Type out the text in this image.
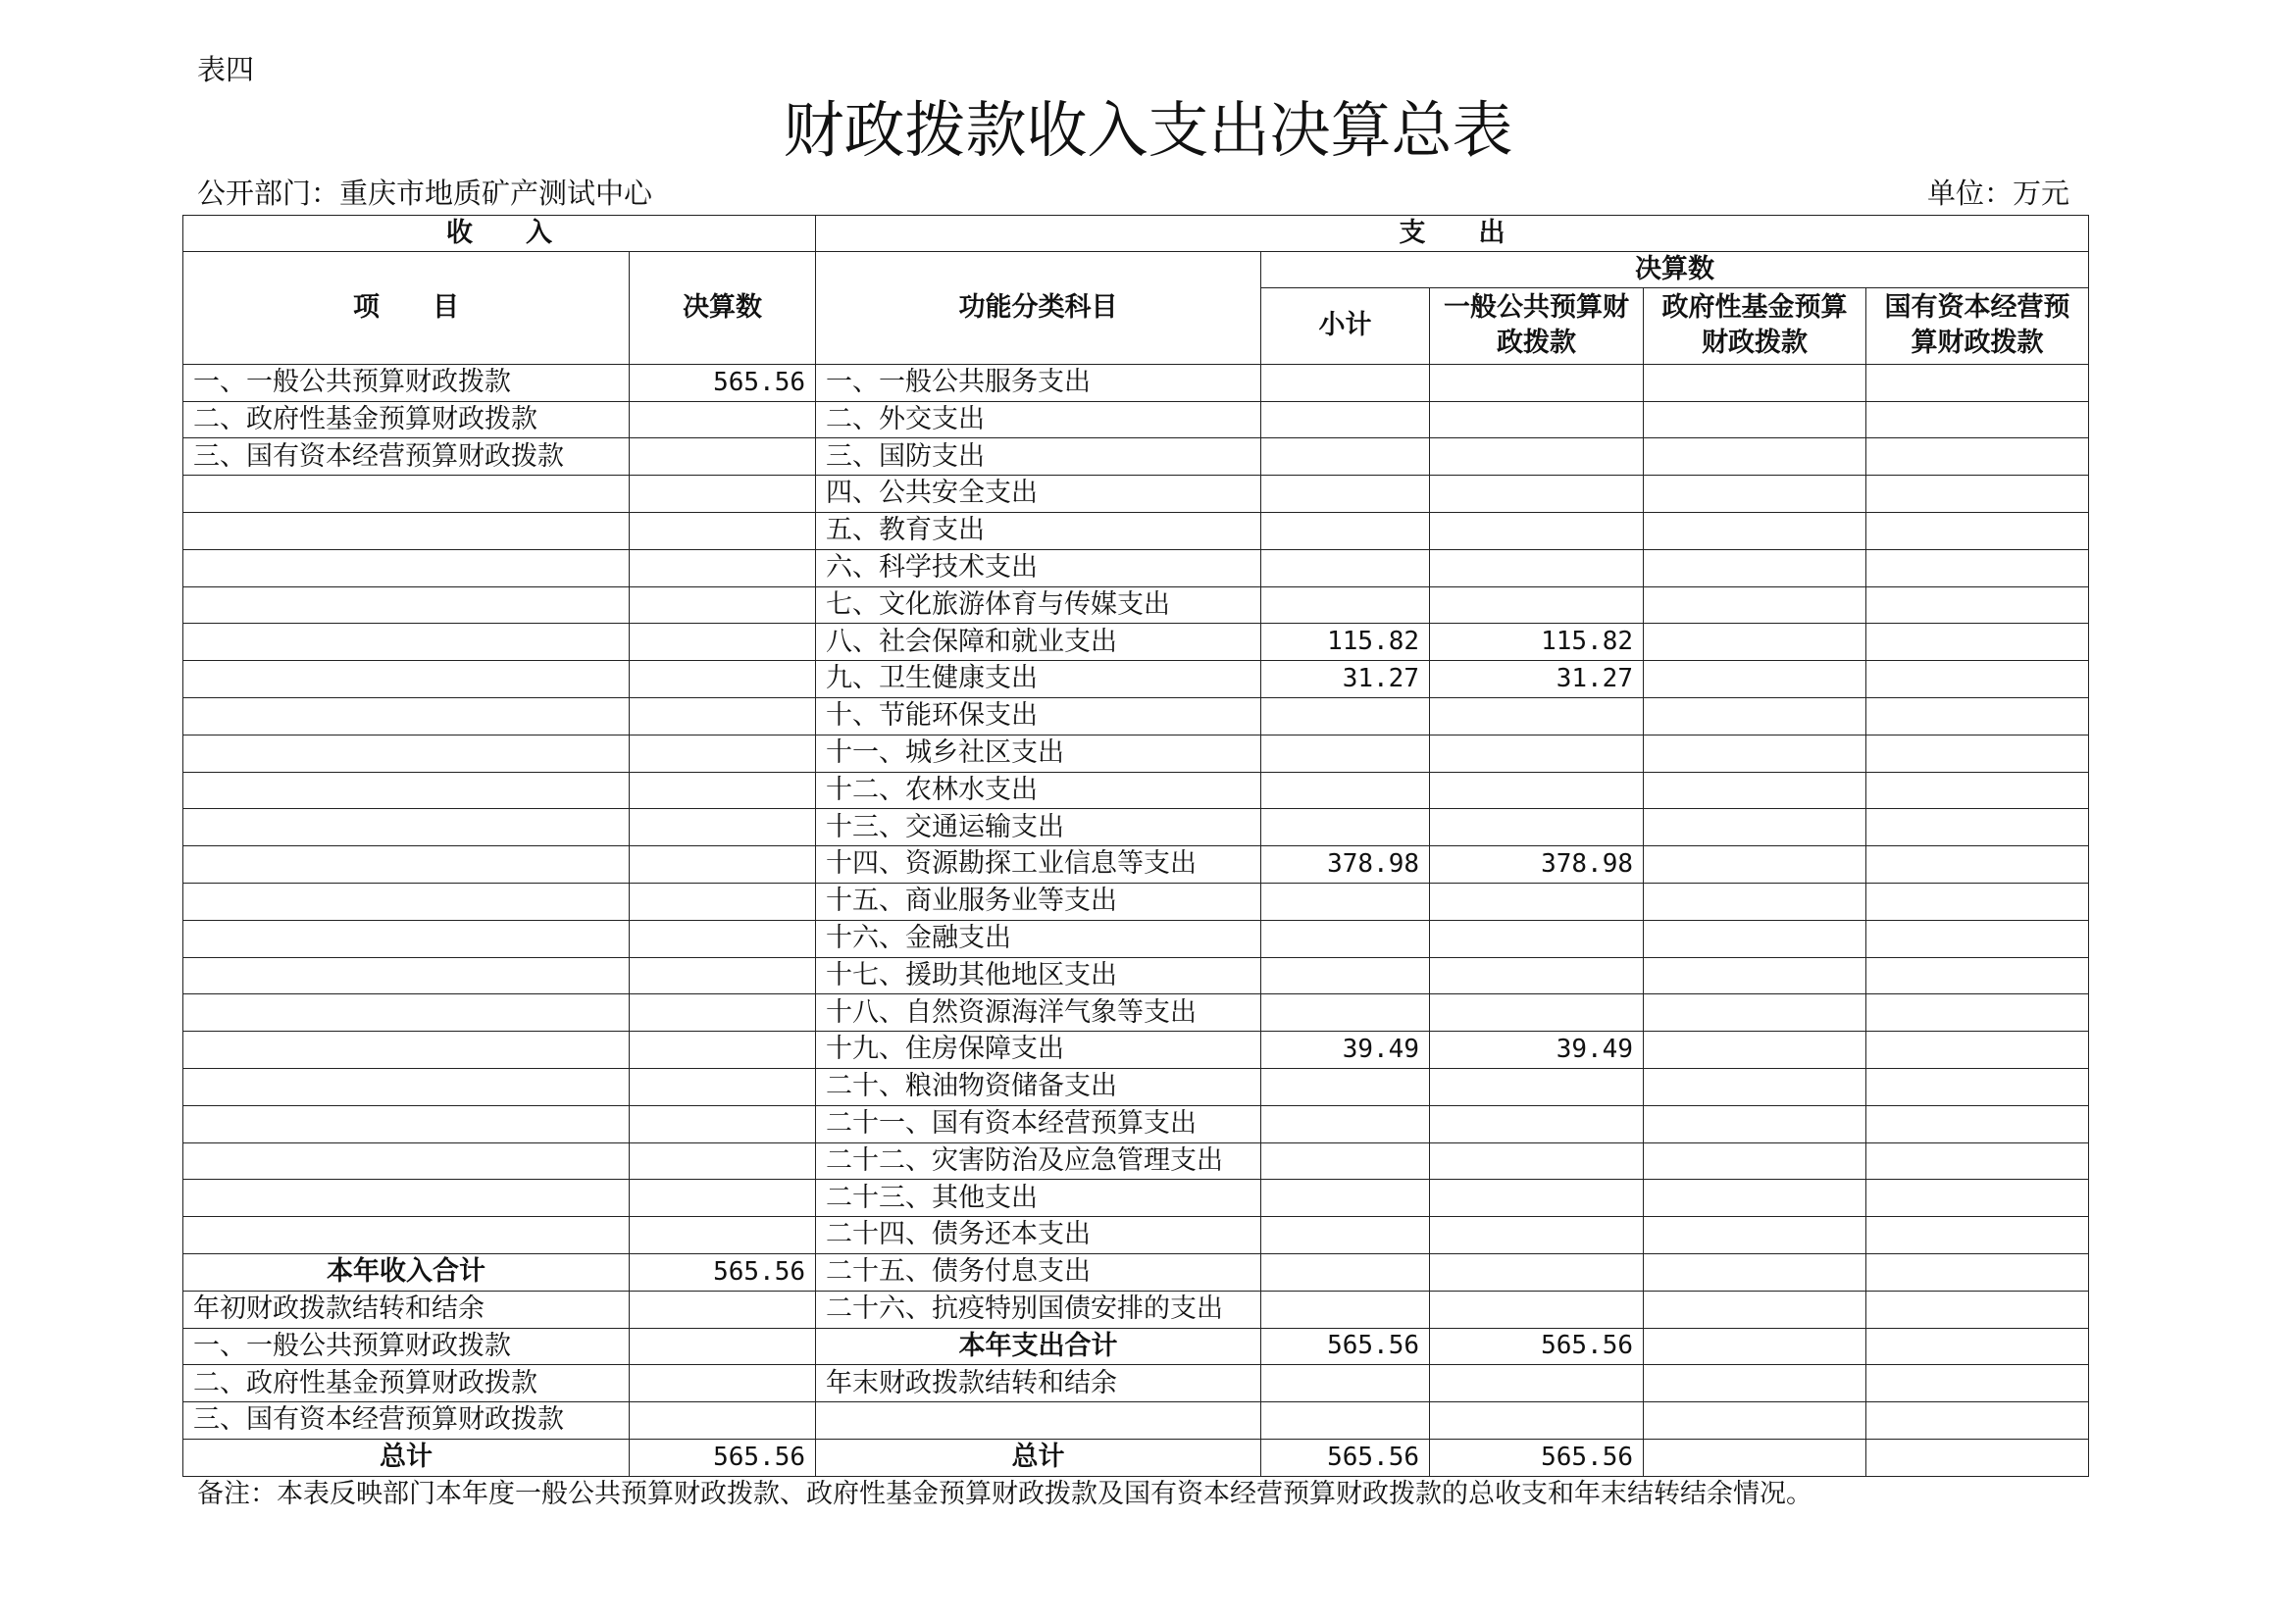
表四
财政拨款收入支出决算总表
公开部门：重庆市地质矿产测试中心	单位：万元
收　　入		支　　出				
项　　目	决算数	功能分类科目	决算数			
			小计	一般公共预算财政拨款	政府性基金预算财政拨款	国有资本经营预算财政拨款
一、一般公共预算财政拨款	565.56	一、一般公共服务支出				
二、政府性基金预算财政拨款		二、外交支出				
三、国有资本经营预算财政拨款		三、国防支出				
		四、公共安全支出				
		五、教育支出				
		六、科学技术支出				
		七、文化旅游体育与传媒支出				
		八、社会保障和就业支出	115.82	115.82		
		九、卫生健康支出	31.27	31.27		
		十、节能环保支出				
		十一、城乡社区支出				
		十二、农林水支出				
		十三、交通运输支出				
		十四、资源勘探工业信息等支出	378.98	378.98		
		十五、商业服务业等支出				
		十六、金融支出				
		十七、援助其他地区支出				
		十八、自然资源海洋气象等支出				
		十九、住房保障支出	39.49	39.49		
		二十、粮油物资储备支出				
		二十一、国有资本经营预算支出				
		二十二、灾害防治及应急管理支出				
		二十三、其他支出				
		二十四、债务还本支出				
本年收入合计	565.56	二十五、债务付息支出				
年初财政拨款结转和结余		二十六、抗疫特别国债安排的支出				
一、一般公共预算财政拨款		本年支出合计	565.56	565.56		
二、政府性基金预算财政拨款		年末财政拨款结转和结余				
三、国有资本经营预算财政拨款						
总计	565.56	总计	565.56	565.56		
备注：本表反映部门本年度一般公共预算财政拨款、政府性基金预算财政拨款及国有资本经营预算财政拨款的总收支和年末结转结余情况。
